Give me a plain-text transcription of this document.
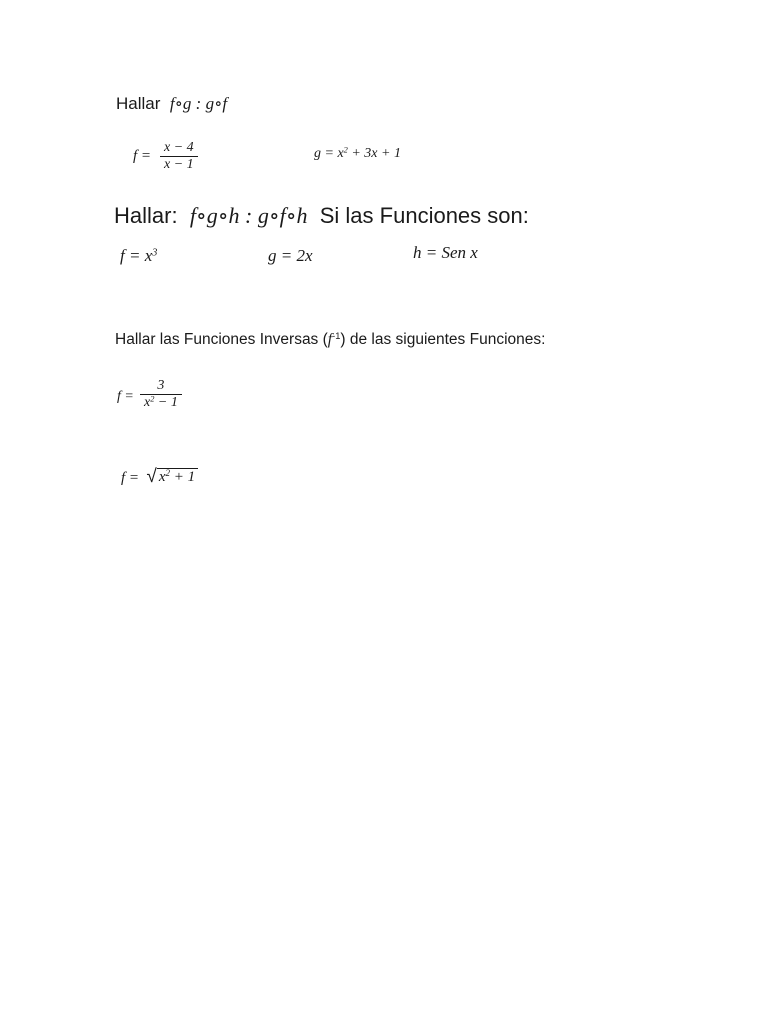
Hallar f∘g : g∘f
f =
x − 4
x − 1
$g = x^2 + 3x + 1$
Hallar: f∘g∘h : g∘f∘h Si las Funciones son:
$f = x^3$	g = 2x	h = Sen x
Hallar las Funciones Inversas $(f^{-1})$ de las siguientes Funciones:
f =
3
$x^2 - 1$
f = √ $x^2 + 1$
